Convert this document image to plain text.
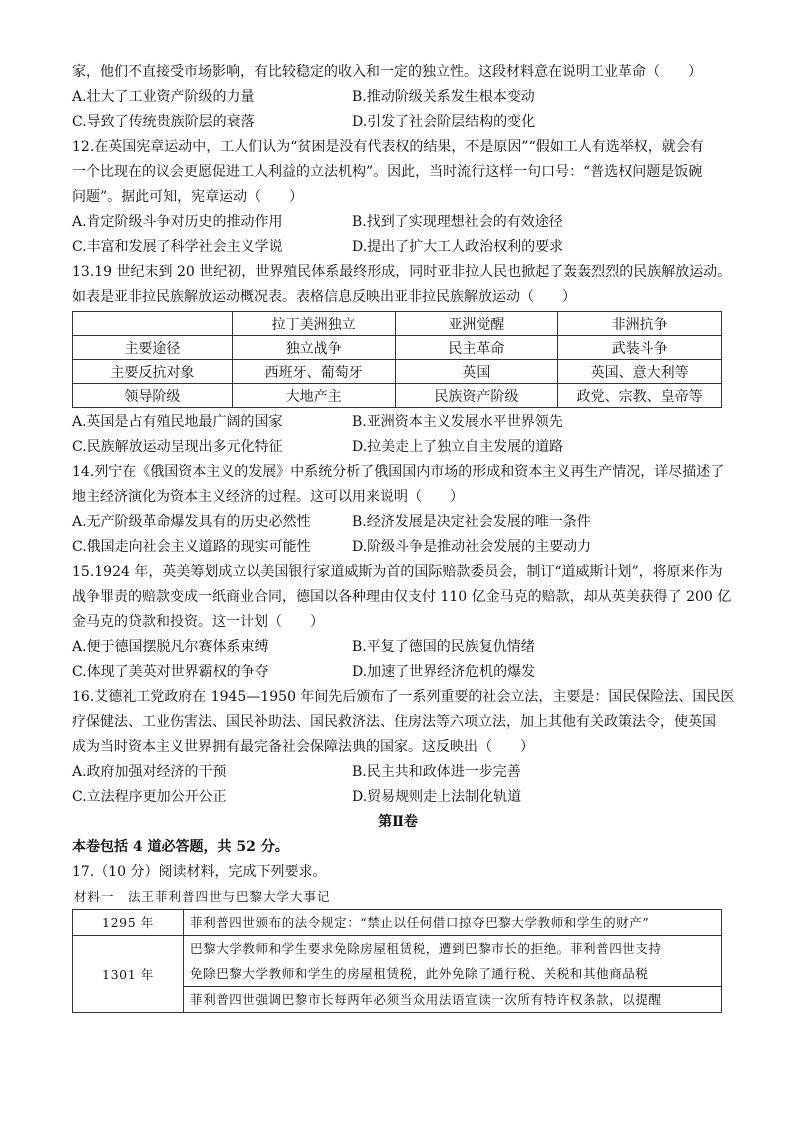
家，他们不直接受市场影响，有比较稳定的收入和一定的独立性。这段材料意在说明工业革命（　　）
A.壮大了工业资产阶级的力量	B.推动阶级关系发生根本变动
C.导致了传统贵族阶层的衰落	D.引发了社会阶层结构的变化
12.在英国宪章运动中，工人们认为“贫困是没有代表权的结果，不是原因”“假如工人有选举权，就会有
一个比现在的议会更愿促进工人利益的立法机构”。因此，当时流行这样一句口号：“普选权问题是饭碗
问题”。据此可知，宪章运动（　　）
A.肯定阶级斗争对历史的推动作用	B.找到了实现理想社会的有效途径
C.丰富和发展了科学社会主义学说	D.提出了扩大工人政治权利的要求
13.19 世纪末到 20 世纪初，世界殖民体系最终形成，同时亚非拉人民也掀起了轰轰烈烈的民族解放运动。
如表是亚非拉民族解放运动概况表。表格信息反映出亚非拉民族解放运动（　　）
	拉丁美洲独立	亚洲觉醒	非洲抗争
主要途径	独立战争	民主革命	武装斗争
主要反抗对象	西班牙、葡萄牙	英国	英国、意大利等
领导阶级	大地产主	民族资产阶级	政党、宗教、皇帝等
A.英国是占有殖民地最广阔的国家	B.亚洲资本主义发展水平世界领先
C.民族解放运动呈现出多元化特征	D.拉美走上了独立自主发展的道路
14.列宁在《俄国资本主义的发展》中系统分析了俄国国内市场的形成和资本主义再生产情况，详尽描述了
地主经济演化为资本主义经济的过程。这可以用来说明（　　）
A.无产阶级革命爆发具有的历史必然性	B.经济发展是决定社会发展的唯一条件
C.俄国走向社会主义道路的现实可能性	D.阶级斗争是推动社会发展的主要动力
15.1924 年，英美筹划成立以美国银行家道威斯为首的国际赔款委员会，制订“道威斯计划”，将原来作为
战争罪责的赔款变成一纸商业合同，德国以各种理由仅支付 110 亿金马克的赔款，却从英美获得了 200 亿
金马克的贷款和投资。这一计划（　　）
A.便于德国摆脱凡尔赛体系束缚	B.平复了德国的民族复仇情绪
C.体现了美英对世界霸权的争夺	D.加速了世界经济危机的爆发
16.艾德礼工党政府在 1945—1950 年间先后颁布了一系列重要的社会立法，主要是：国民保险法、国民医
疗保健法、工业伤害法、国民补助法、国民救济法、住房法等六项立法，加上其他有关政策法令，使英国
成为当时资本主义世界拥有最完备社会保障法典的国家。这反映出（　　）
A.政府加强对经济的干预	B.民主共和政体进一步完善
C.立法程序更加公开公正	D.贸易规则走上法制化轨道
第Ⅱ卷
本卷包括 4 道必答题，共 52 分。
17.（10 分）阅读材料，完成下列要求。
材料一　法王菲利普四世与巴黎大学大事记
1295 年	菲利普四世颁布的法令规定：“禁止以任何借口掠夺巴黎大学教师和学生的财产”
1301 年	巴黎大学教师和学生要求免除房屋租赁税，遭到巴黎市长的拒绝。菲利普四世支持
免除巴黎大学教师和学生的房屋租赁税，此外免除了通行税、关税和其他商品税

	菲利普四世强调巴黎市长每两年必须当众用法语宣读一次所有特许权条款，以提醒
